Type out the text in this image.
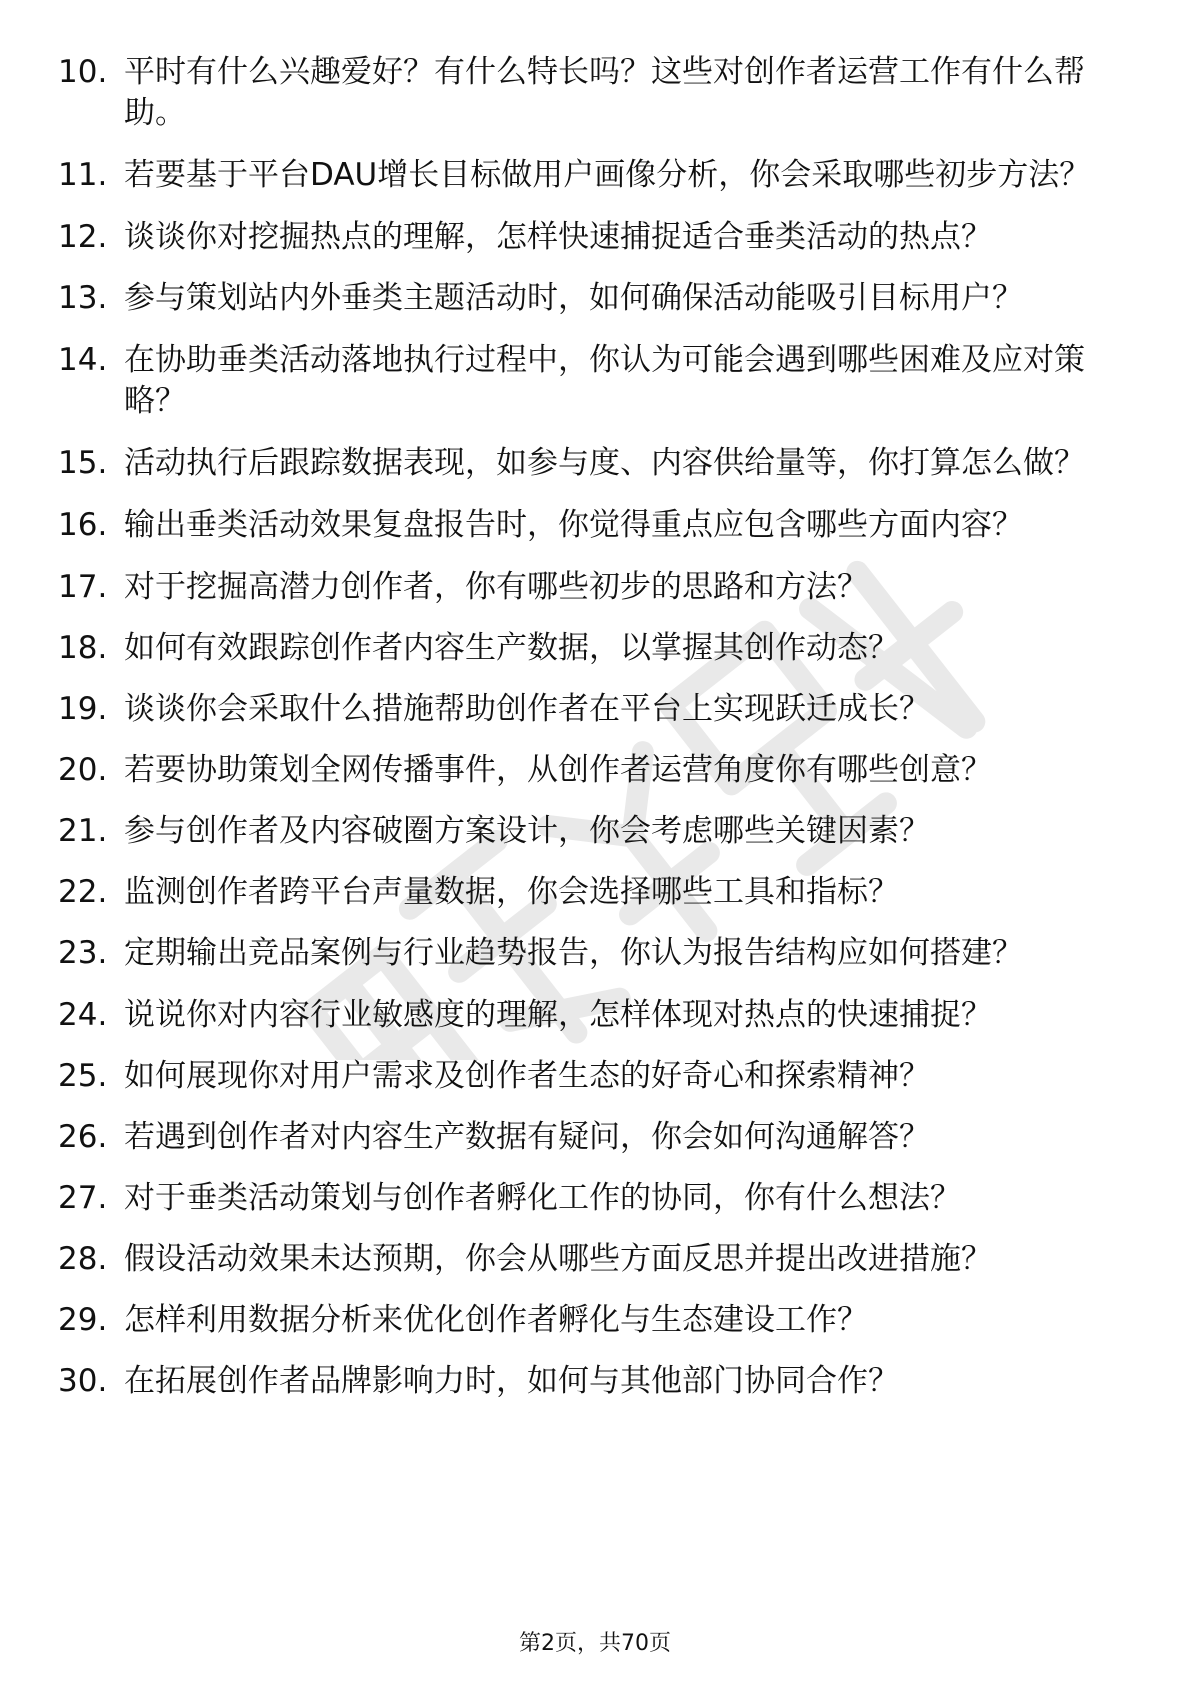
10. 平时有什么兴趣爱好？有什么特长吗？这些对创作者运营工作有什么帮助。
11. 若要基于平台DAU增长目标做用户画像分析，你会采取哪些初步方法？
12. 谈谈你对挖掘热点的理解，怎样快速捕捉适合垂类活动的热点？
13. 参与策划站内外垂类主题活动时，如何确保活动能吸引目标用户？
14. 在协助垂类活动落地执行过程中，你认为可能会遇到哪些困难及应对策略？
15. 活动执行后跟踪数据表现，如参与度、内容供给量等，你打算怎么做？
16. 输出垂类活动效果复盘报告时，你觉得重点应包含哪些方面内容？
17. 对于挖掘高潜力创作者，你有哪些初步的思路和方法？
18. 如何有效跟踪创作者内容生产数据，以掌握其创作动态？
19. 谈谈你会采取什么措施帮助创作者在平台上实现跃迁成长？
20. 若要协助策划全网传播事件，从创作者运营角度你有哪些创意？
21. 参与创作者及内容破圈方案设计，你会考虑哪些关键因素？
22. 监测创作者跨平台声量数据，你会选择哪些工具和指标？
23. 定期输出竞品案例与行业趋势报告，你认为报告结构应如何搭建？
24. 说说你对内容行业敏感度的理解，怎样体现对热点的快速捕捉？
25. 如何展现你对用户需求及创作者生态的好奇心和探索精神？
26. 若遇到创作者对内容生产数据有疑问，你会如何沟通解答？
27. 对于垂类活动策划与创作者孵化工作的协同，你有什么想法？
28. 假设活动效果未达预期，你会从哪些方面反思并提出改进措施？
29. 怎样利用数据分析来优化创作者孵化与生态建设工作？
30. 在拓展创作者品牌影响力时，如何与其他部门协同合作？
第2页，共70页
